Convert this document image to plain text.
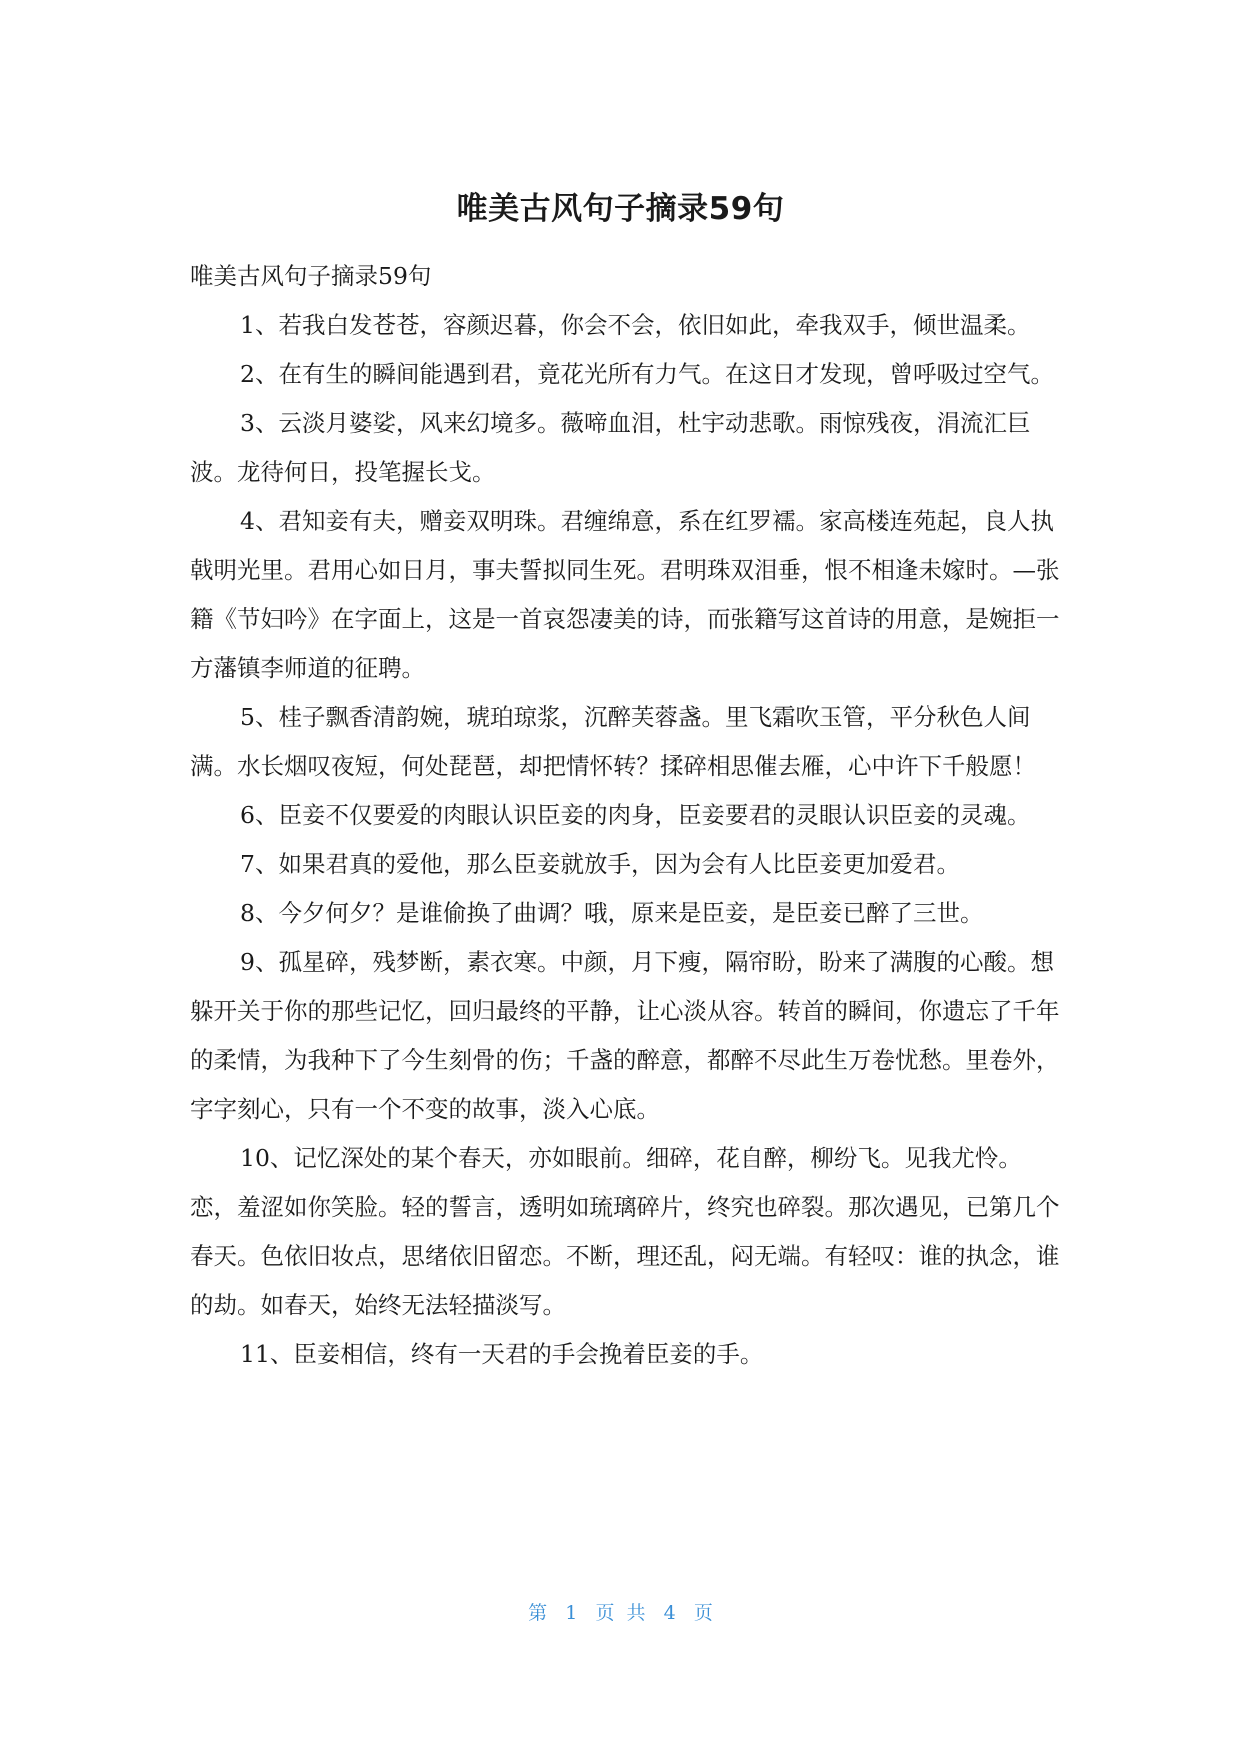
唯美古风句子摘录59句

唯美古风句子摘录59句

1、若我白发苍苍，容颜迟暮，你会不会，依旧如此，牵我双手，倾世温柔。

2、在有生的瞬间能遇到君，竟花光所有力气。在这日才发现，曾呼吸过空气。

3、云淡月婆娑，风来幻境多。薇啼血泪，杜宇动悲歌。雨惊残夜，涓流汇巨波。龙待何日，投笔握长戈。

4、君知妾有夫，赠妾双明珠。君缠绵意，系在红罗襦。家高楼连苑起，良人执戟明光里。君用心如日月，事夫誓拟同生死。君明珠双泪垂，恨不相逢未嫁时。—张籍《节妇吟》在字面上，这是一首哀怨凄美的诗，而张籍写这首诗的用意，是婉拒一方藩镇李师道的征聘。

5、桂子飘香清韵婉，琥珀琼浆，沉醉芙蓉盏。里飞霜吹玉管，平分秋色人间满。水长烟叹夜短，何处琵琶，却把情怀转？揉碎相思催去雁，心中许下千般愿！

6、臣妾不仅要爱的肉眼认识臣妾的肉身，臣妾要君的灵眼认识臣妾的灵魂。

7、如果君真的爱他，那么臣妾就放手，因为会有人比臣妾更加爱君。

8、今夕何夕？是谁偷换了曲调？哦，原来是臣妾，是臣妾已醉了三世。

9、孤星碎，残梦断，素衣寒。中颜，月下瘦，隔帘盼，盼来了满腹的心酸。想躲开关于你的那些记忆，回归最终的平静，让心淡从容。转首的瞬间，你遗忘了千年的柔情，为我种下了今生刻骨的伤；千盏的醉意，都醉不尽此生万卷忧愁。里卷外，字字刻心，只有一个不变的故事，淡入心底。

10、记忆深处的某个春天，亦如眼前。细碎，花自醉，柳纷飞。见我尤怜。恋，羞涩如你笑脸。轻的誓言，透明如琉璃碎片，终究也碎裂。那次遇见，已第几个春天。色依旧妆点，思绪依旧留恋。不断，理还乱，闷无端。有轻叹：谁的执念，谁的劫。如春天，始终无法轻描淡写。

11、臣妾相信，终有一天君的手会挽着臣妾的手。

第 1 页  共 4 页
